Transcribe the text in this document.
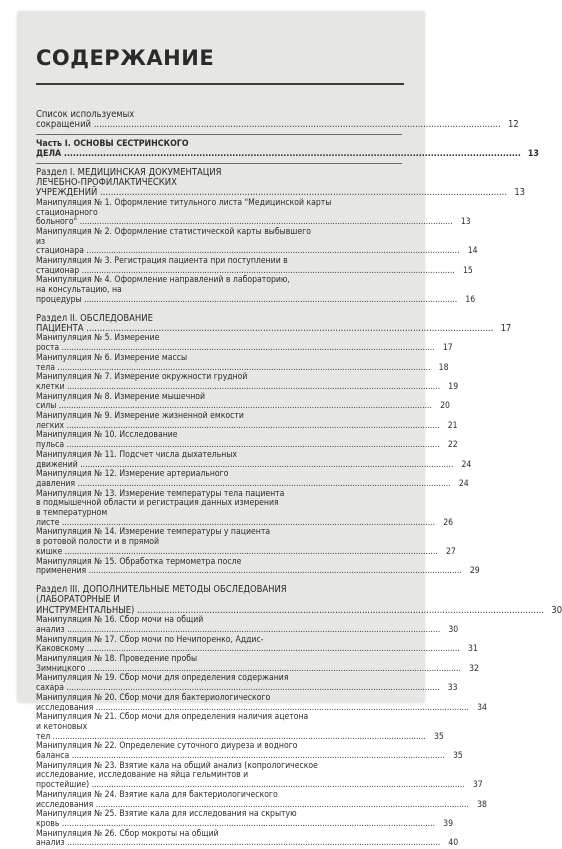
СОДЕРЖАНИЕ
Список используемых сокращений .....	12
Часть I. ОСНОВЫ СЕСТРИНСКОГО ДЕЛА .....	13
Раздел I. МЕДИЦИНСКАЯ ДОКУМЕНТАЦИЯ
ЛЕЧЕБНО-ПРОФИЛАКТИЧЕСКИХ УЧРЕЖДЕНИЙ .....	13
Манипуляция № 1. Оформление титульного листа "Медицинской карты
стационарного больного" .....	13
Манипуляция № 2. Оформление статистической карты выбывшего
из стационара .....	14
Манипуляция № 3. Регистрация пациента при поступлении в стационар .....	15
Манипуляция № 4. Оформление направлений в лабораторию,
на консультацию, на процедуры .....	16
Раздел II. ОБСЛЕДОВАНИЕ ПАЦИЕНТА .....	17
Манипуляция № 5. Измерение роста .....	17
Манипуляция № 6. Измерение массы тела .....	18
Манипуляция № 7. Измерение окружности грудной клетки .....	19
Манипуляция № 8. Измерение мышечной силы .....	20
Манипуляция № 9. Измерение жизненной емкости легких .....	21
Манипуляция № 10. Исследование пульса .....	22
Манипуляция № 11. Подсчет числа дыхательных движений .....	24
Манипуляция № 12. Измерение артериального давления .....	24
Манипуляция № 13. Измерение температуры тела пациента
в подмышечной области и регистрация данных измерения
в температурном листе .....	26
Манипуляция № 14. Измерение температуры у пациента
в ротовой полости и в прямой кишке .....	27
Манипуляция № 15. Обработка термометра после применения .....	29
Раздел III. ДОПОЛНИТЕЛЬНЫЕ МЕТОДЫ ОБСЛЕДОВАНИЯ
(ЛАБОРАТОРНЫЕ И ИНСТРУМЕНТАЛЬНЫЕ) .....	30
Манипуляция № 16. Сбор мочи на общий анализ .....	30
Манипуляция № 17. Сбор мочи по Нечипоренко, Аддис-Каковскому .....	31
Манипуляция № 18. Проведение пробы Зимницкого .....	32
Манипуляция № 19. Сбор мочи для определения содержания
сахара .....	33
Манипуляция № 20. Сбор мочи для бактериологического исследования .....	34
Манипуляция № 21. Сбор мочи для определения наличия ацетона
и кетоновых тел .....	35
Манипуляция № 22. Определение суточного диуреза и водного
баланса .....	35
Манипуляция № 23. Взятие кала на общий анализ (копрологическое
исследование, исследование на яйца гельминтов и простейшие) .....	37
Манипуляция № 24. Взятие кала для бактериологического
исследования .....	38
Манипуляция № 25. Взятие кала для исследования на скрытую кровь .....	39
Манипуляция № 26. Сбор мокроты на общий анализ .....	40
